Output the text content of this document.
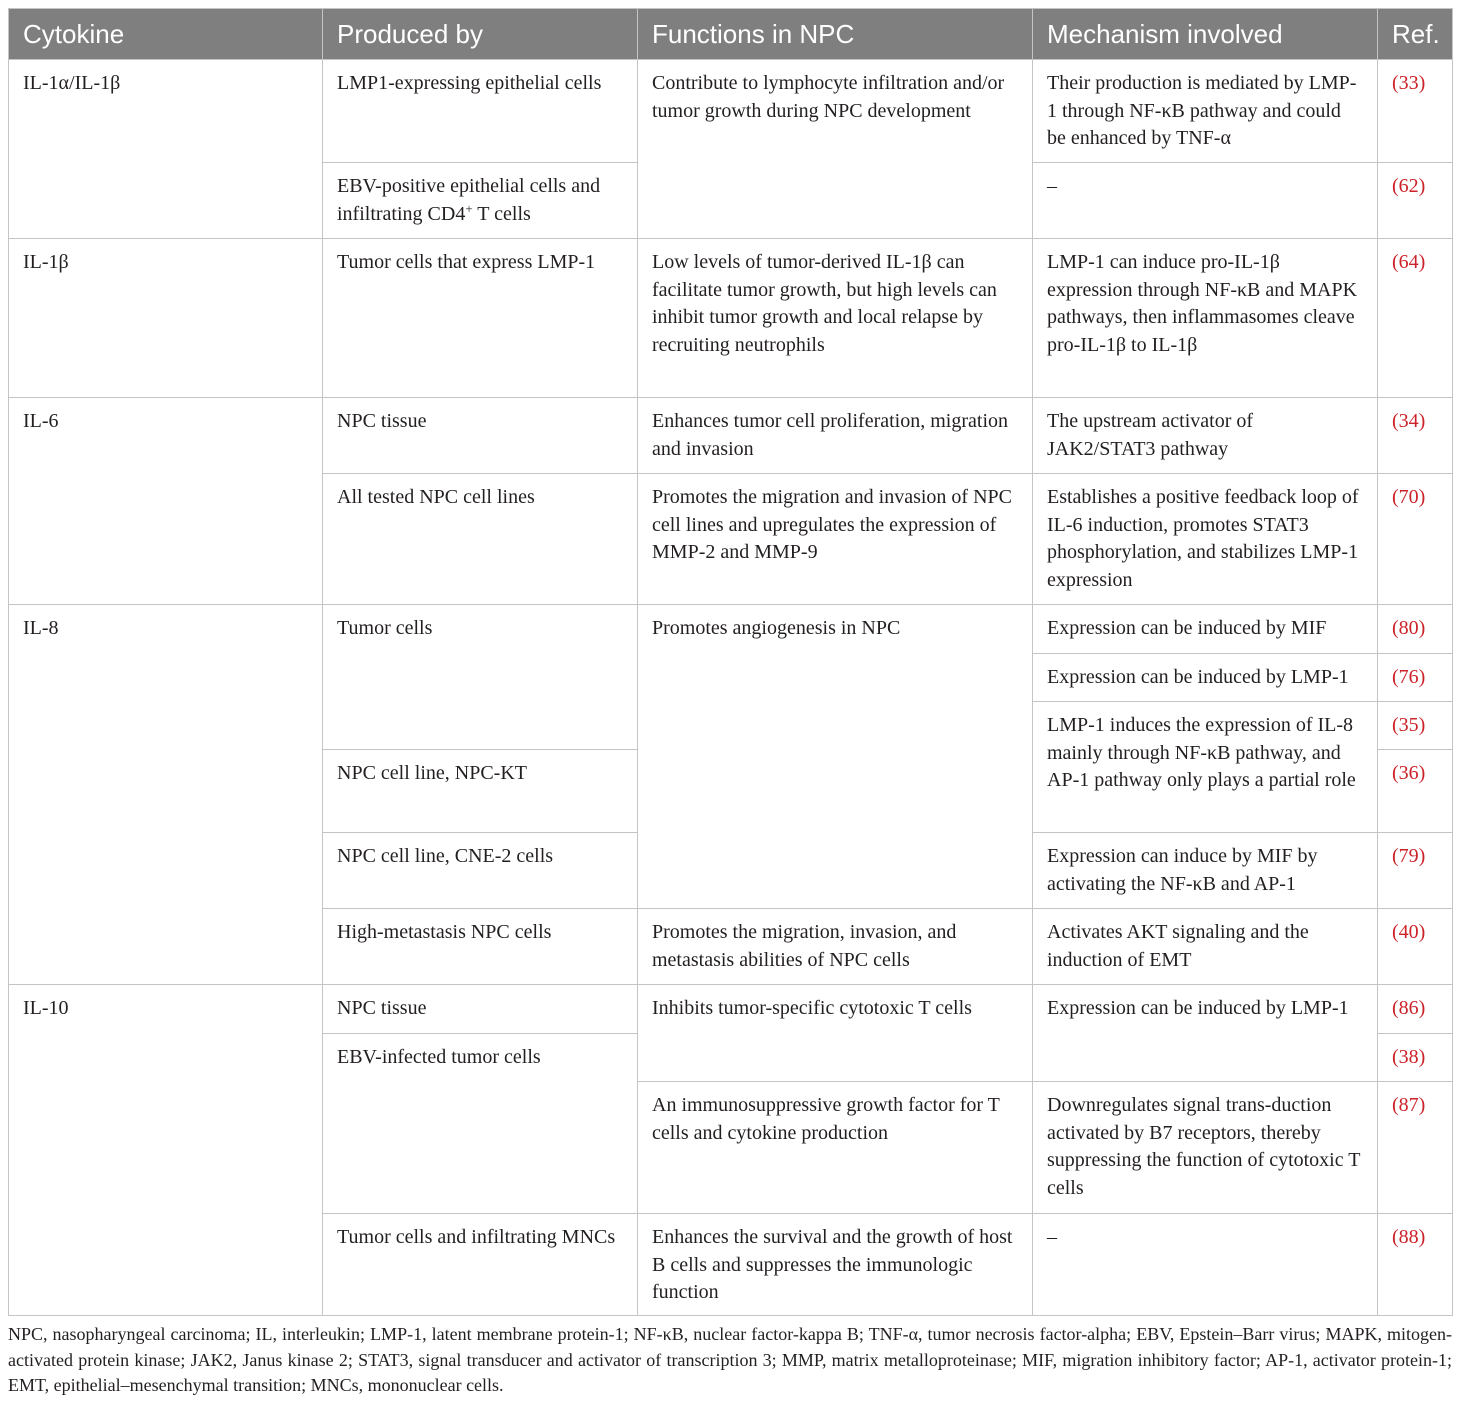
Cytokine	Produced by	Functions in NPC	Mechanism involved	Ref.
IL-1α/IL-1β	LMP1-expressing epithelial cells	Contribute to lymphocyte infiltration and/or tumor growth during NPC development	Their production is mediated by LMP-1 through NF-κB pathway and could be enhanced by TNF-α	(33)
	EBV-positive epithelial cells and infiltrating CD4+ T cells		–	(62)
IL-1β	Tumor cells that express LMP-1	Low levels of tumor-derived IL-1β can facilitate tumor growth, but high levels can inhibit tumor growth and local relapse by recruiting neutrophils	LMP-1 can induce pro-IL-1β expression through NF-κB and MAPK pathways, then inflammasomes cleave pro-IL-1β to IL-1β	(64)
IL-6	NPC tissue	Enhances tumor cell proliferation, migration and invasion	The upstream activator of JAK2/STAT3 pathway	(34)
	All tested NPC cell lines	Promotes the migration and invasion of NPC cell lines and upregulates the expression of MMP-2 and MMP-9	Establishes a positive feedback loop of IL-6 induction, promotes STAT3 phosphorylation, and stabilizes LMP-1 expression	(70)
IL-8	Tumor cells	Promotes angiogenesis in NPC	Expression can be induced by MIF	(80)
			Expression can be induced by LMP-1	(76)
			LMP-1 induces the expression of IL-8 mainly through NF-κB pathway, and AP-1 pathway only plays a partial role	(35)
	NPC cell line, NPC-KT			(36)
	NPC cell line, CNE-2 cells		Expression can induce by MIF by activating the NF-κB and AP-1	(79)
	High-metastasis NPC cells	Promotes the migration, invasion, and metastasis abilities of NPC cells	Activates AKT signaling and the induction of EMT	(40)
IL-10	NPC tissue	Inhibits tumor-specific cytotoxic T cells	Expression can be induced by LMP-1	(86)
	EBV-infected tumor cells			(38)
		An immunosuppressive growth factor for T cells and cytokine production	Downregulates signal trans-duction activated by B7 receptors, thereby suppressing the function of cytotoxic T cells	(87)
	Tumor cells and infiltrating MNCs	Enhances the survival and the growth of host B cells and suppresses the immunologic function	–	(88)

NPC, nasopharyngeal carcinoma; IL, interleukin; LMP-1, latent membrane protein-1; NF-κB, nuclear factor-kappa B; TNF-α, tumor necrosis factor-alpha; EBV, Epstein–Barr virus; MAPK, mitogen-activated protein kinase; JAK2, Janus kinase 2; STAT3, signal transducer and activator of transcription 3; MMP, matrix metalloproteinase; MIF, migration inhibitory factor; AP-1, activator protein-1; EMT, epithelial–mesenchymal transition; MNCs, mononuclear cells.
